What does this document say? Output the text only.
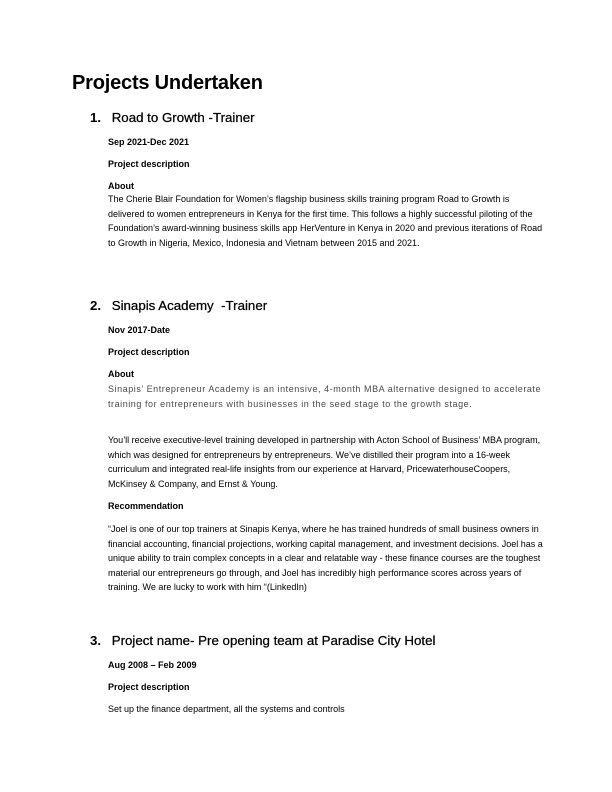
Projects Undertaken
1. Road to Growth -Trainer
Sep 2021-Dec 2021
Project description
About
The Cherie Blair Foundation for Women’s flagship business skills training program Road to Growth is delivered to women entrepreneurs in Kenya for the first time. This follows a highly successful piloting of the Foundation’s award-winning business skills app HerVenture in Kenya in 2020 and previous iterations of Road to Growth in Nigeria, Mexico, Indonesia and Vietnam between 2015 and 2021.
2. Sinapis Academy  -Trainer
Nov 2017-Date
Project description
About
Sinapis’ Entrepreneur Academy is an intensive, 4-month MBA alternative designed to accelerate training for entrepreneurs with businesses in the seed stage to the growth stage.
You’ll receive executive-level training developed in partnership with Acton School of Business’ MBA program, which was designed for entrepreneurs by entrepreneurs. We’ve distilled their program into a 16-week curriculum and integrated real-life insights from our experience at Harvard, PricewaterhouseCoopers, McKinsey & Company, and Ernst & Young.
Recommendation
“Joel is one of our top trainers at Sinapis Kenya, where he has trained hundreds of small business owners in financial accounting, financial projections, working capital management, and investment decisions. Joel has a unique ability to train complex concepts in a clear and relatable way - these finance courses are the toughest material our entrepreneurs go through, and Joel has incredibly high performance scores across years of training. We are lucky to work with him “(LinkedIn)
3. Project name- Pre opening team at Paradise City Hotel
Aug 2008 – Feb 2009
Project description
Set up the finance department, all the systems and controls
